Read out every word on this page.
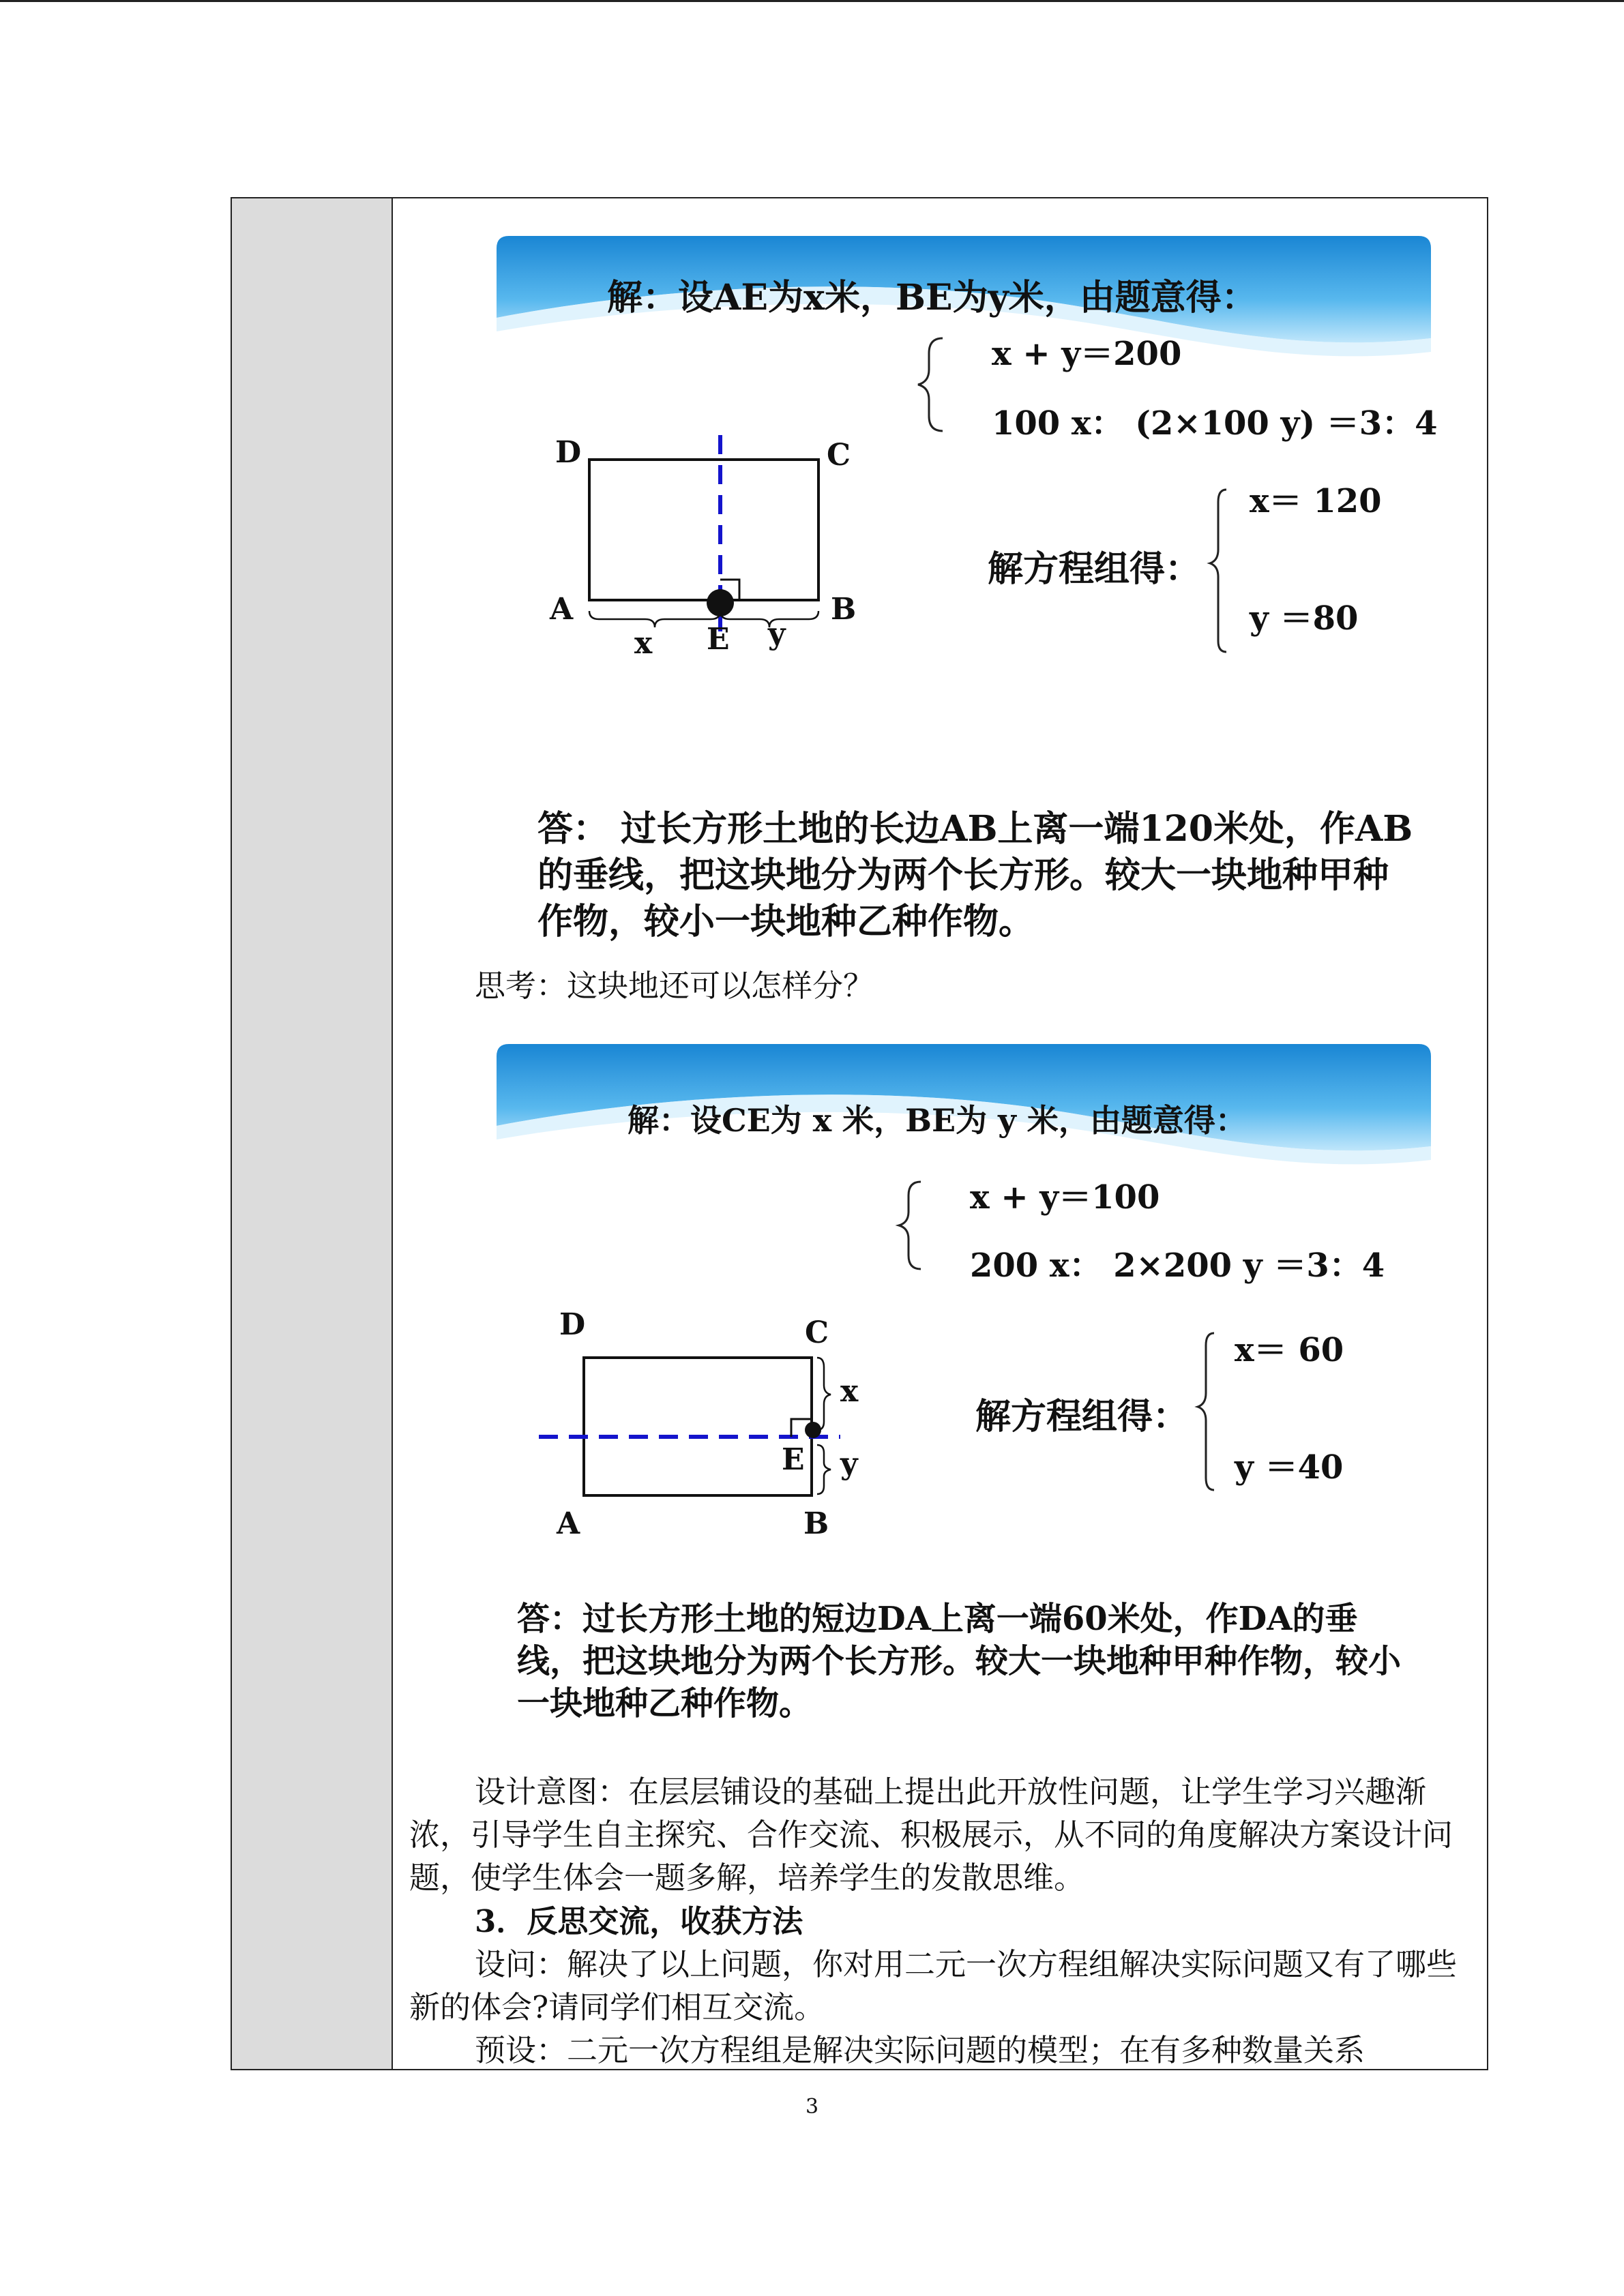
解：设AE为x米，BE为y米，由题意得：
x + y＝200
100 x： (2×100 y) ＝3：4
D	C
A	B
E
x	y
解方程组得：
x＝ 120
y ＝80
答： 过长方形土地的长边AB上离一端120米处，作AB的垂线，把这块地分为两个长方形。较大一块地种甲种作物，较小一块地种乙种作物。
思考：这块地还可以怎样分？
解：设CE为 x 米，BE为 y 米，由题意得：
x + y＝100
200 x： 2×200 y ＝3：4
D	C
A	B
E
x
y
解方程组得：
x＝ 60
y ＝40
答：过长方形土地的短边DA上离一端60米处，作DA的垂线，把这块地分为两个长方形。较大一块地种甲种作物，较小一块地种乙种作物。
设计意图：在层层铺设的基础上提出此开放性问题，让学生学习兴趣渐浓，引导学生自主探究、合作交流、积极展示，从不同的角度解决方案设计问题，使学生体会一题多解，培养学生的发散思维。
3．反思交流，收获方法
设问：解决了以上问题，你对用二元一次方程组解决实际问题又有了哪些新的体会?请同学们相互交流。
预设：二元一次方程组是解决实际问题的模型；在有多种数量关系
3
